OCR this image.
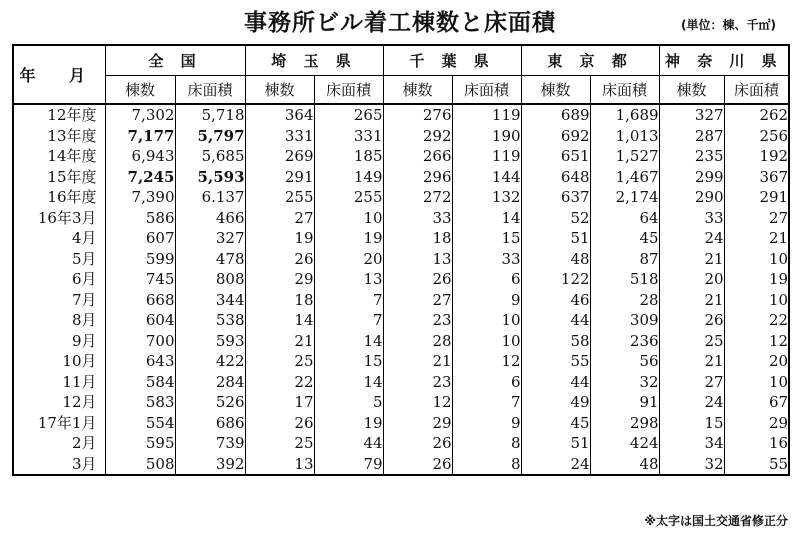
事務所ビル着工棟数と床面積	(単位：棟、千㎡)
年 月	全 国		埼 玉 県		千 葉 県		東 京 都		神 奈 川 県	
	棟数	床面積	棟数	床面積	棟数	床面積	棟数	床面積	棟数	床面積
12年度	7,302	5,718	364	265	276	119	689	1,689	327	262
13年度	7,177	5,797	331	331	292	190	692	1,013	287	256
14年度	6,943	5,685	269	185	266	119	651	1,527	235	192
15年度	7,245	5,593	291	149	296	144	648	1,467	299	367
16年度	7,390	6.137	255	255	272	132	637	2,174	290	291
16年3月	586	466	27	10	33	14	52	64	33	27
4月	607	327	19	19	18	15	51	45	24	21
5月	599	478	26	20	13	33	48	87	21	10
6月	745	808	29	13	26	6	122	518	20	19
7月	668	344	18	7	27	9	46	28	21	10
8月	604	538	14	7	23	10	44	309	26	22
9月	700	593	21	14	28	10	58	236	25	12
10月	643	422	25	15	21	12	55	56	21	20
11月	584	284	22	14	23	6	44	32	27	10
12月	583	526	17	5	12	7	49	91	24	67
17年1月	554	686	26	19	29	9	45	298	15	29
2月	595	739	25	44	26	8	51	424	34	16
3月	508	392	13	79	26	8	24	48	32	55
※太字は国土交通省修正分
